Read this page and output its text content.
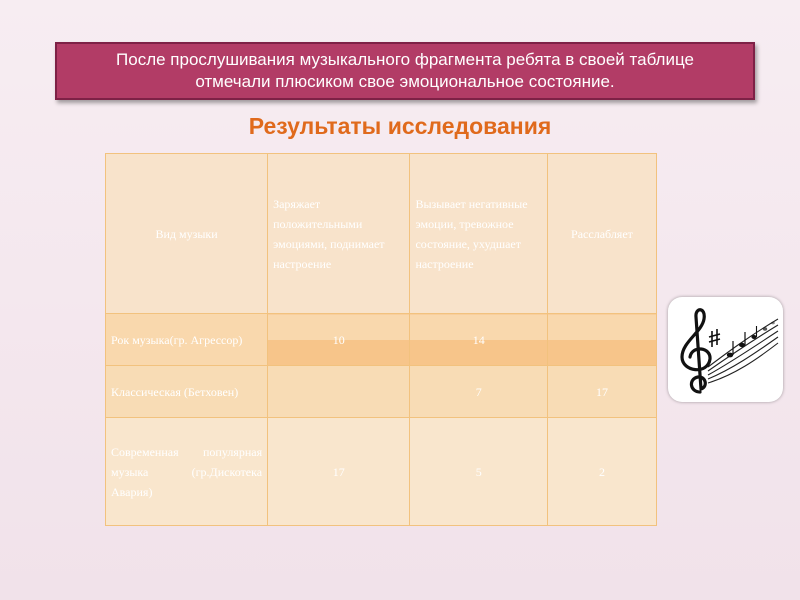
После прослушивания музыкального фрагмента ребята в своей таблице
отмечали плюсиком свое эмоциональное состояние.
Результаты исследования
Вид музыки	Заряжает положительными эмоциями, поднимает настроение	Вызывает негативные эмоции, тревожное состояние, ухудшает настроение	Расслабляет
Рок музыка(гр. Агрессор)	10	14	
Классическая (Бетховен)		7	17
Современная популярная музыка (гр.Дискотека Авария)	17	5	2
